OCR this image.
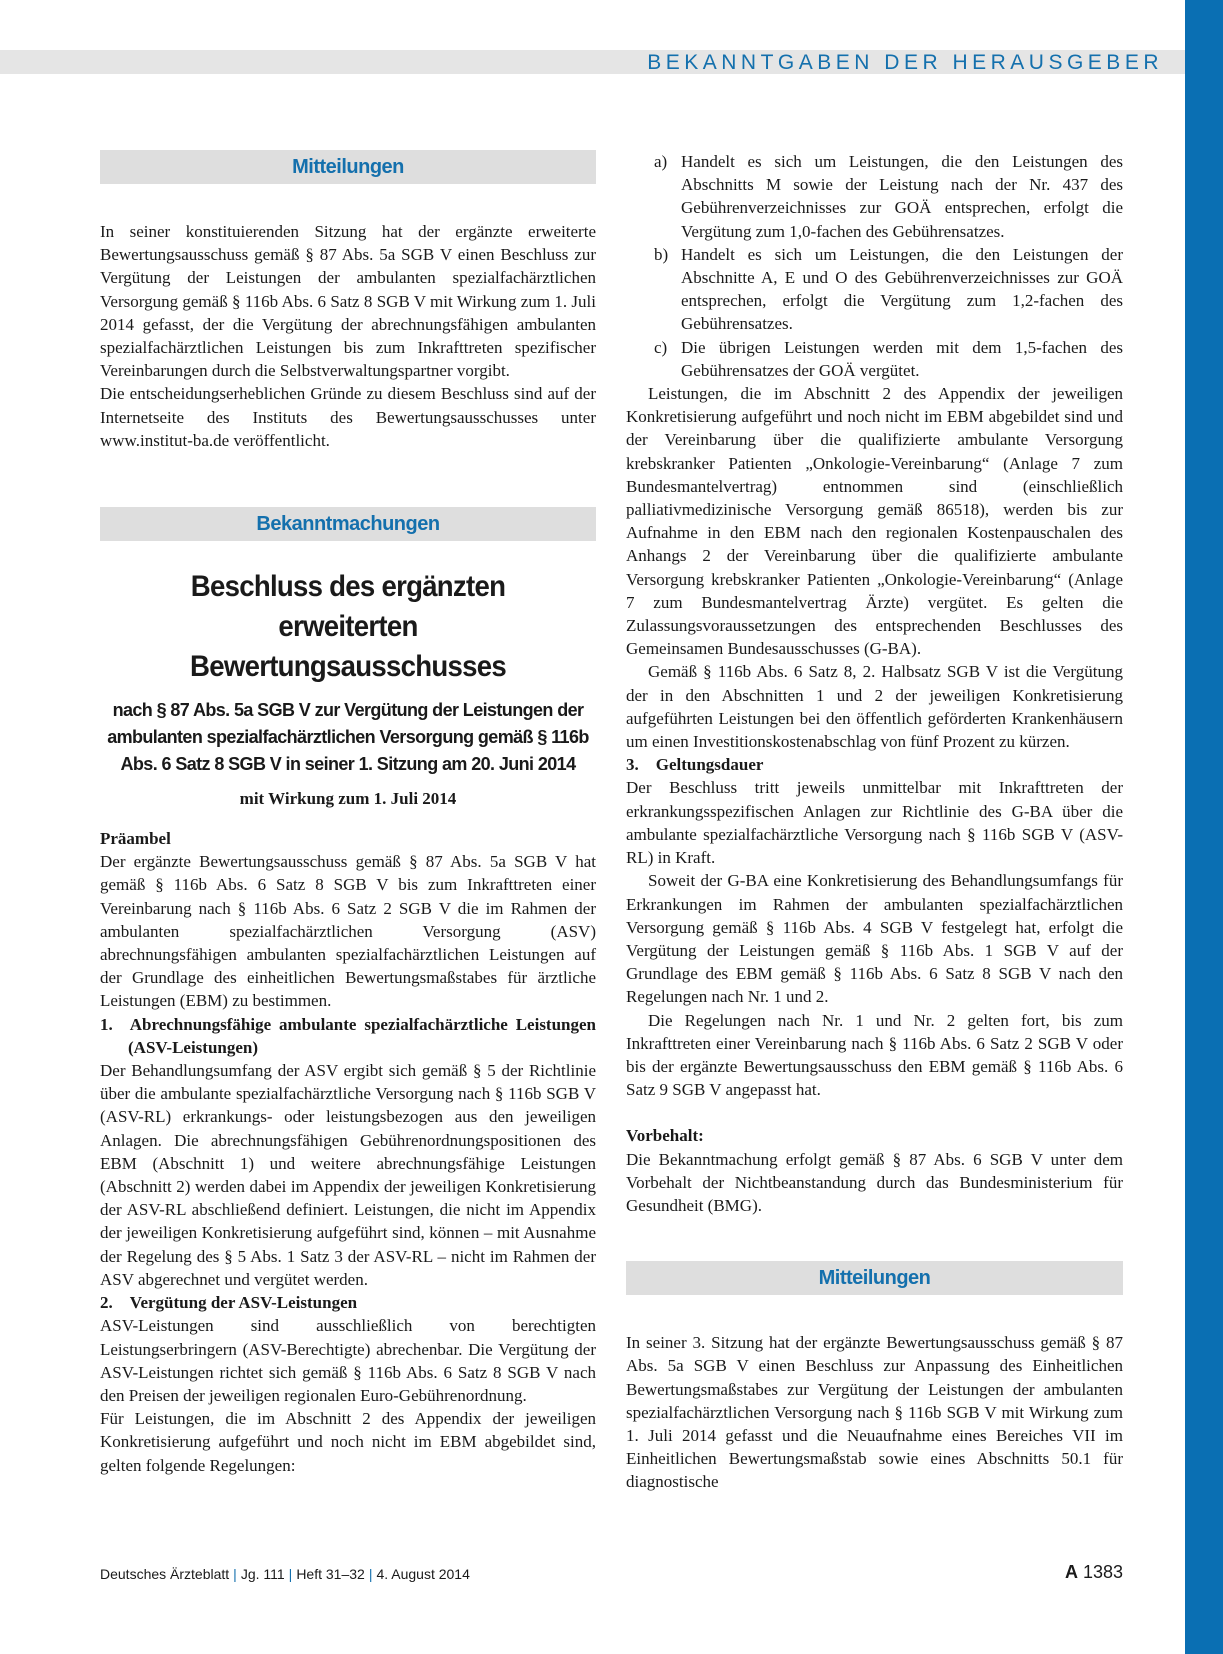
BEKANNTGABEN DER HERAUSGEBER
Mitteilungen

In seiner konstituierenden Sitzung hat der ergänzte erweiterte Bewertungsausschuss gemäß § 87 Abs. 5a SGB V einen Beschluss zur Vergütung der Leistungen der ambulanten spezialfachärztlichen Versorgung gemäß § 116b Abs. 6 Satz 8 SGB V mit Wirkung zum 1. Juli 2014 gefasst, der die Vergütung der abrechnungsfähigen ambulanten spezialfachärztlichen Leistungen bis zum Inkrafttreten spezifischer Vereinbarungen durch die Selbstverwaltungspartner vorgibt.

Die entscheidungserheblichen Gründe zu diesem Beschluss sind auf der Internetseite des Instituts des Bewertungsausschusses unter www.institut-ba.de veröffentlicht.

Bekanntmachungen
Beschluss des ergänzten erweiterten Bewertungsausschusses
nach § 87 Abs. 5a SGB V zur Vergütung der Leistungen der ambulanten spezialfachärztlichen Versorgung gemäß § 116b Abs. 6 Satz 8 SGB V in seiner 1. Sitzung am 20. Juni 2014
mit Wirkung zum 1. Juli 2014
Präambel

Der ergänzte Bewertungsausschuss gemäß § 87 Abs. 5a SGB V hat gemäß § 116b Abs. 6 Satz 8 SGB V bis zum Inkrafttreten einer Vereinbarung nach § 116b Abs. 6 Satz 2 SGB V die im Rahmen der ambulanten spezialfachärztlichen Versorgung (ASV) abrechnungsfähigen ambulanten spezialfachärztlichen Leistungen auf der Grundlage des einheitlichen Bewertungsmaßstabes für ärztliche Leistungen (EBM) zu bestimmen.

1. Abrechnungsfähige ambulante spezialfachärztliche Leistungen (ASV-Leistungen)

Der Behandlungsumfang der ASV ergibt sich gemäß § 5 der Richtlinie über die ambulante spezialfachärztliche Versorgung nach § 116b SGB V (ASV-RL) erkrankungs- oder leistungsbezogen aus den jeweiligen Anlagen. Die abrechnungsfähigen Gebührenordnungspositionen des EBM (Abschnitt 1) und weitere abrechnungsfähige Leistungen (Abschnitt 2) werden dabei im Appendix der jeweiligen Konkretisierung der ASV-RL abschließend definiert. Leistungen, die nicht im Appendix der jeweiligen Konkretisierung aufgeführt sind, können – mit Ausnahme der Regelung des § 5 Abs. 1 Satz 3 der ASV-RL – nicht im Rahmen der ASV abgerechnet und vergütet werden.

2. Vergütung der ASV-Leistungen

ASV-Leistungen sind ausschließlich von berechtigten Leistungserbringern (ASV-Berechtigte) abrechenbar. Die Vergütung der ASV-Leistungen richtet sich gemäß § 116b Abs. 6 Satz 8 SGB V nach den Preisen der jeweiligen regionalen Euro-Gebührenordnung.

Für Leistungen, die im Abschnitt 2 des Appendix der jeweiligen Konkretisierung aufgeführt und noch nicht im EBM abgebildet sind, gelten folgende Regelungen:

a) Handelt es sich um Leistungen, die den Leistungen des Abschnitts M sowie der Leistung nach der Nr. 437 des Gebührenverzeichnisses zur GOÄ entsprechen, erfolgt die Vergütung zum 1,0-fachen des Gebührensatzes.
b) Handelt es sich um Leistungen, die den Leistungen der Abschnitte A, E und O des Gebührenverzeichnisses zur GOÄ entsprechen, erfolgt die Vergütung zum 1,2-fachen des Gebührensatzes.
c) Die übrigen Leistungen werden mit dem 1,5-fachen des Gebührensatzes der GOÄ vergütet.

Leistungen, die im Abschnitt 2 des Appendix der jeweiligen Konkretisierung aufgeführt und noch nicht im EBM abgebildet sind und der Vereinbarung über die qualifizierte ambulante Versorgung krebskranker Patienten „Onkologie-Vereinbarung“ (Anlage 7 zum Bundesmantelvertrag) entnommen sind (einschließlich palliativmedizinische Versorgung gemäß 86518), werden bis zur Aufnahme in den EBM nach den regionalen Kostenpauschalen des Anhangs 2 der Vereinbarung über die qualifizierte ambulante Versorgung krebskranker Patienten „Onkologie-Vereinbarung“ (Anlage 7 zum Bundesmantelvertrag Ärzte) vergütet. Es gelten die Zulassungsvoraussetzungen des entsprechenden Beschlusses des Gemeinsamen Bundesausschusses (G-BA).

Gemäß § 116b Abs. 6 Satz 8, 2. Halbsatz SGB V ist die Vergütung der in den Abschnitten 1 und 2 der jeweiligen Konkretisierung aufgeführten Leistungen bei den öffentlich geförderten Krankenhäusern um einen Investitionskostenabschlag von fünf Prozent zu kürzen.

3. Geltungsdauer

Der Beschluss tritt jeweils unmittelbar mit Inkrafttreten der erkrankungsspezifischen Anlagen zur Richtlinie des G-BA über die ambulante spezialfachärztliche Versorgung nach § 116b SGB V (ASV-RL) in Kraft.

Soweit der G-BA eine Konkretisierung des Behandlungsumfangs für Erkrankungen im Rahmen der ambulanten spezialfachärztlichen Versorgung gemäß § 116b Abs. 4 SGB V festgelegt hat, erfolgt die Vergütung der Leistungen gemäß § 116b Abs. 1 SGB V auf der Grundlage des EBM gemäß § 116b Abs. 6 Satz 8 SGB V nach den Regelungen nach Nr. 1 und 2.

Die Regelungen nach Nr. 1 und Nr. 2 gelten fort, bis zum Inkrafttreten einer Vereinbarung nach § 116b Abs. 6 Satz 2 SGB V oder bis der ergänzte Bewertungsausschuss den EBM gemäß § 116b Abs. 6 Satz 9 SGB V angepasst hat.

Vorbehalt:

Die Bekanntmachung erfolgt gemäß § 87 Abs. 6 SGB V unter dem Vorbehalt der Nichtbeanstandung durch das Bundesministerium für Gesundheit (BMG).

Mitteilungen

In seiner 3. Sitzung hat der ergänzte Bewertungsausschuss gemäß § 87 Abs. 5a SGB V einen Beschluss zur Anpassung des Einheitlichen Bewertungsmaßstabes zur Vergütung der Leistungen der ambulanten spezialfachärztlichen Versorgung nach § 116b SGB V mit Wirkung zum 1. Juli 2014 gefasst und die Neuaufnahme eines Bereiches VII im Einheitlichen Bewertungsmaßstab sowie eines Abschnitts 50.1 für diagnostische

Deutsches Ärzteblatt | Jg. 111 | Heft 31–32 | 4. August 2014	A 1383
